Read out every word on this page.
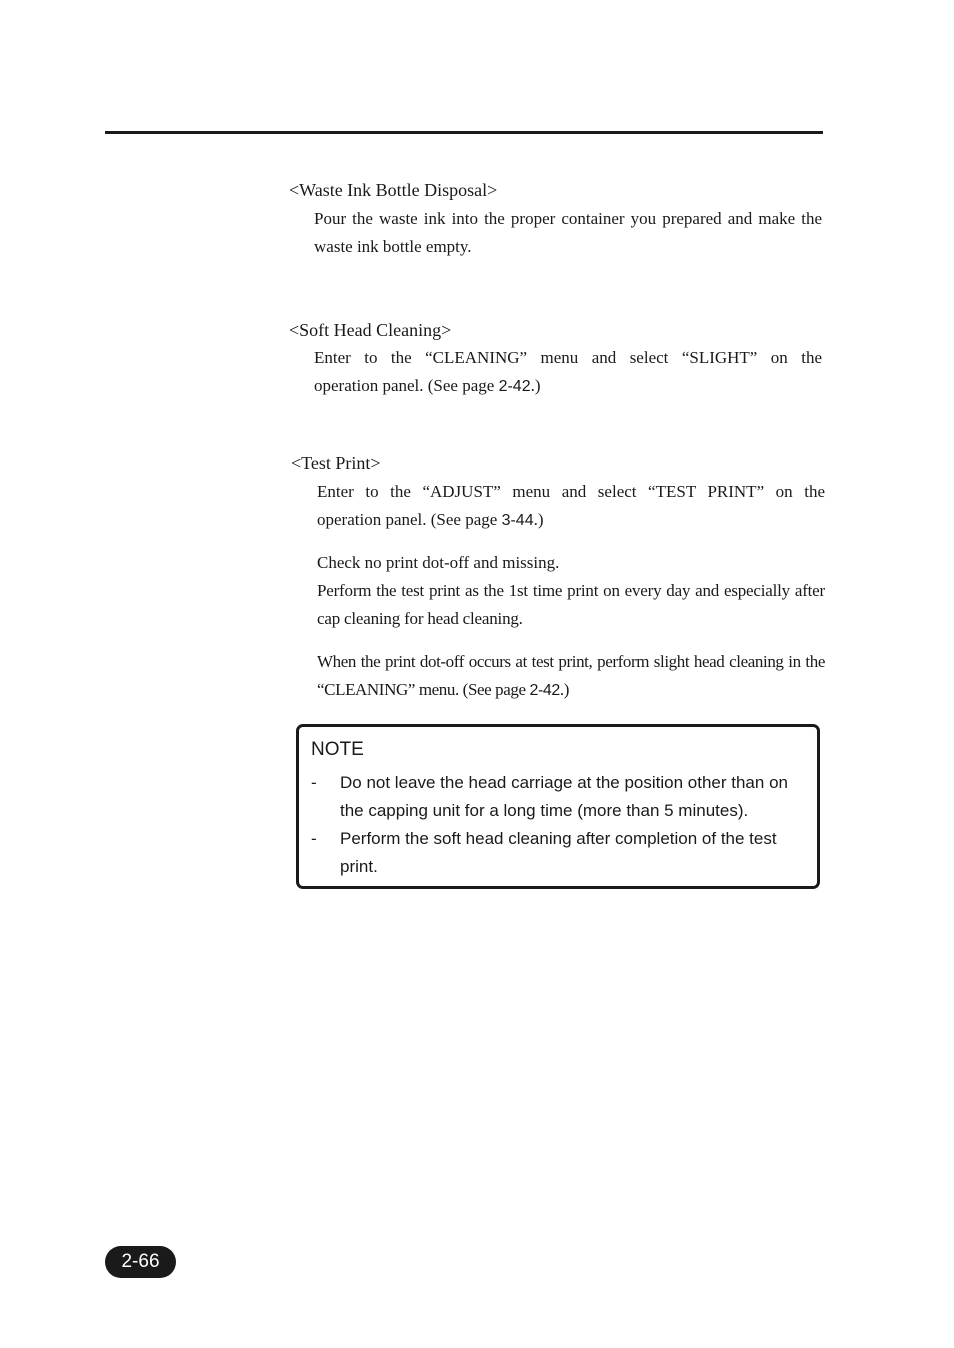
<Waste Ink Bottle Disposal>
Pour the waste ink into the proper container you prepared and make the waste ink bottle empty.
<Soft Head Cleaning>
Enter to the “CLEANING” menu and select “SLIGHT” on the
operation panel. (See page 2-42.)
<Test Print>
Enter to the “ADJUST” menu and select “TEST PRINT” on the
operation panel. (See page 3-44.)
Check no print dot-off and missing.
Perform the test print as the 1st time print on every day and especially after cap cleaning for head cleaning.
When the print dot-off occurs at test print, perform slight head cleaning in the “CLEANING” menu. (See page 2-42.)
NOTE
- Do not leave the head carriage at the position other than on the capping unit for a long time (more than 5 minutes).
- Perform the soft head cleaning after completion of the test print.
2-66
